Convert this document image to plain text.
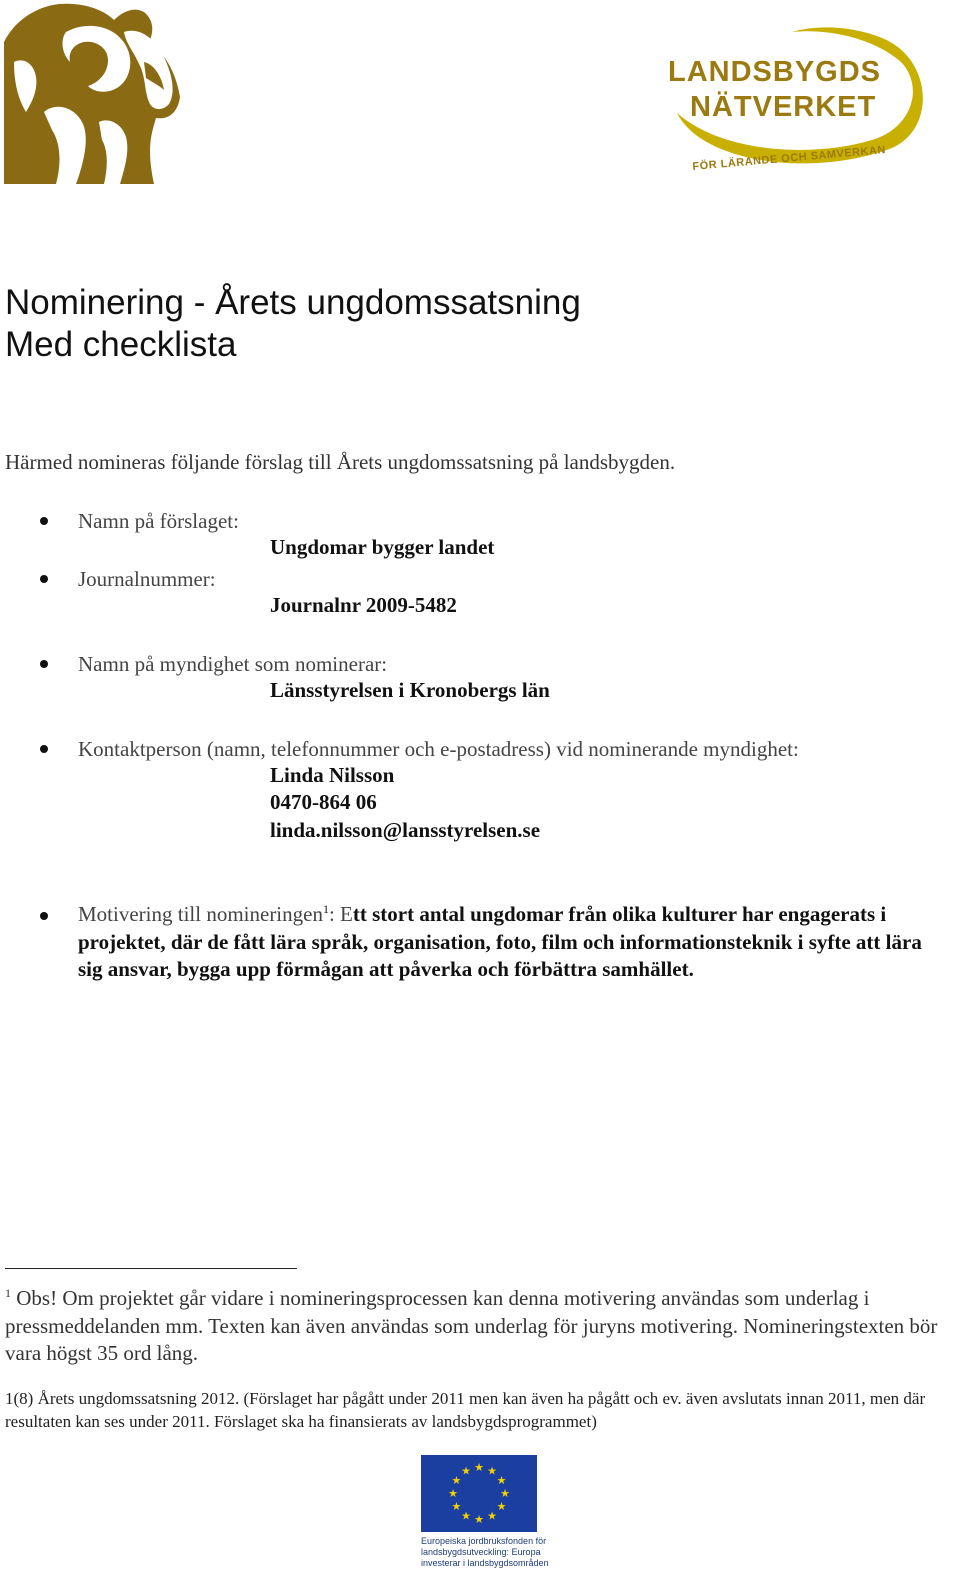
LANDSBYGDS
NÄTVERKET
FÖR LÄRANDE OCH SAMVERKAN
Nominering - Årets ungdomssatsning
Med checklista
Härmed nomineras följande förslag till Årets ungdomssatsning på landsbygden.
Namn på förslaget:
Ungdomar bygger landet
Journalnummer:
Journalnr 2009-5482
Namn på myndighet som nominerar:
Länsstyrelsen i Kronobergs län
Kontaktperson (namn, telefonnummer och e-postadress) vid nominerande myndighet:
Linda Nilsson
0470-864 06
linda.nilsson@lansstyrelsen.se
Motivering till nomineringen$^1$: Ett stort antal ungdomar från olika kulturer har engagerats i projektet, där de fått lära språk, organisation, foto, film och informationsteknik i syfte att lära sig ansvar, bygga upp förmågan att påverka och förbättra samhället.
$^1$ Obs! Om projektet går vidare i nomineringsprocessen kan denna motivering användas som underlag i pressmeddelanden mm. Texten kan även användas som underlag för juryns motivering. Nomineringstexten bör vara högst 35 ord lång.
1(8) Årets ungdomssatsning 2012. (Förslaget har pågått under 2011 men kan även ha pågått och ev. även avslutats innan 2011, men där resultaten kan ses under 2011. Förslaget ska ha finansierats av landsbygdsprogrammet)
★ ★
★
★
★
★
★
★
★
★
★
★
Europeiska jordbruksfonden för
landsbygdsutveckling: Europa
investerar i landsbygdsområden
